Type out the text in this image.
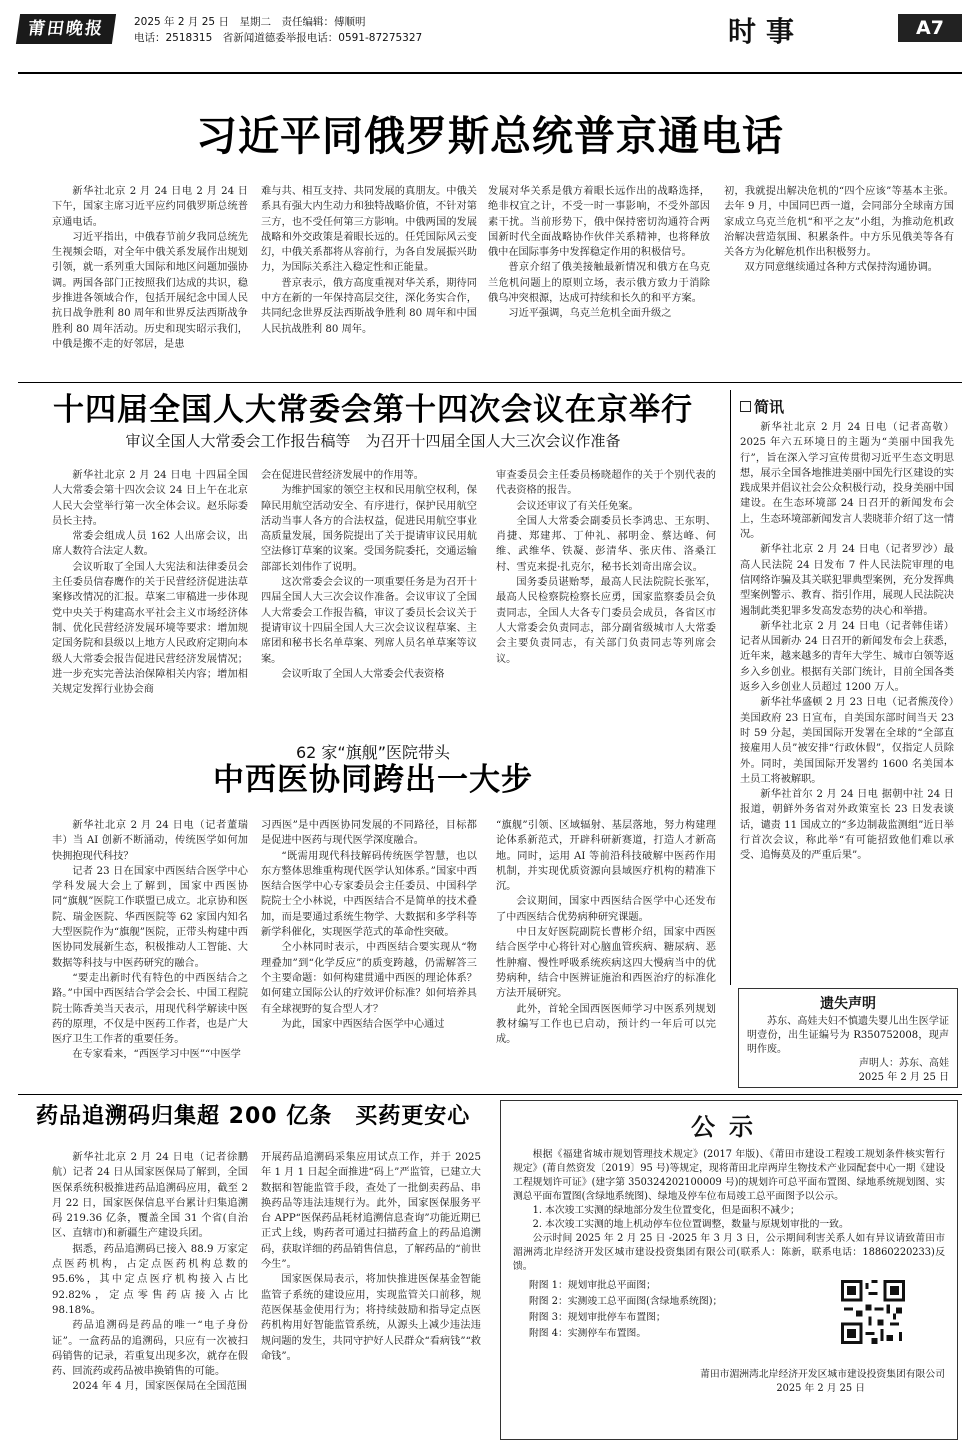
莆田晚报	2025 年 2 月 25 日　星期二　责任编辑：傅顺明
电话：2518315　省新闻道德委举报电话：0591-87275327	时事	A7
习近平同俄罗斯总统普京通电话

新华社北京 2 月 24 日电 2 月 24 日下午，国家主席习近平应约同俄罗斯总统普京通电话。

习近平指出，中俄春节前夕我同总统先生视频会晤，对全年中俄关系发展作出规划引领，就一系列重大国际和地区问题加强协调。两国各部门正按照我们达成的共识，稳步推进各领域合作，包括开展纪念中国人民抗日战争胜利 80 周年和世界反法西斯战争胜利 80 周年活动。历史和现实昭示我们，中俄是搬不走的好邻居，是患

难与共、相互支持、共同发展的真朋友。中俄关系具有强大内生动力和独特战略价值，不针对第三方，也不受任何第三方影响。中俄两国的发展战略和外交政策是着眼长远的。任凭国际风云变幻，中俄关系都将从容前行，为各自发展振兴助力，为国际关系注入稳定性和正能量。

普京表示，俄方高度重视对华关系，期待同中方在新的一年保持高层交往，深化务实合作，共同纪念世界反法西斯战争胜利 80 周年和中国人民抗战胜利 80 周年。

发展对华关系是俄方着眼长远作出的战略选择，绝非权宜之计，不受一时一事影响，不受外部因素干扰。当前形势下，俄中保持密切沟通符合两国新时代全面战略协作伙伴关系精神，也将释放俄中在国际事务中发挥稳定作用的积极信号。

普京介绍了俄美接触最新情况和俄方在乌克兰危机问题上的原则立场，表示俄方致力于消除俄乌冲突根源，达成可持续和长久的和平方案。

习近平强调，乌克兰危机全面升级之

初，我就提出解决危机的“四个应该”等基本主张。去年 9 月，中国同巴西一道，会同部分全球南方国家成立乌克兰危机“和平之友”小组，为推动危机政治解决营造氛围、积累条件。中方乐见俄美等各有关各方为化解危机作出积极努力。

双方同意继续通过各种方式保持沟通协调。

十四届全国人大常委会第十四次会议在京举行
审议全国人大常委会工作报告稿等　为召开十四届全国人大三次会议作准备

新华社北京 2 月 24 日电 十四届全国人大常委会第十四次会议 24 日上午在北京人民大会堂举行第一次全体会议。赵乐际委员长主持。

常委会组成人员 162 人出席会议，出席人数符合法定人数。

会议听取了全国人大宪法和法律委员会主任委员信春鹰作的关于民营经济促进法草案修改情况的汇报。草案二审稿进一步体现党中央关于构建高水平社会主义市场经济体制、优化民营经济发展环境等要求：增加规定国务院和县级以上地方人民政府定期向本级人大常委会报告促进民营经济发展情况；进一步充实完善法治保障相关内容；增加相关规定发挥行业协会商

会在促进民营经济发展中的作用等。

为维护国家的领空主权和民用航空权利，保障民用航空活动安全、有序进行，保护民用航空活动当事人各方的合法权益，促进民用航空事业高质量发展，国务院提出了关于提请审议民用航空法修订草案的议案。受国务院委托，交通运输部部长刘伟作了说明。

这次常委会会议的一项重要任务是为召开十四届全国人大三次会议作准备。会议审议了全国人大常委会工作报告稿，审议了委员长会议关于提请审议十四届全国人大三次会议议程草案、主席团和秘书长名单草案、列席人员名单草案等议案。

会议听取了全国人大常委会代表资格

审查委员会主任委员杨晓超作的关于个别代表的代表资格的报告。

会议还审议了有关任免案。

全国人大常委会副委员长李鸿忠、王东明、肖捷、郑建邦、丁仲礼、郝明金、蔡达峰、何维、武维华、铁凝、彭清华、张庆伟、洛桑江村、雪克来提·扎克尔，秘书长刘奇出席会议。

国务委员谌贻琴，最高人民法院院长张军，最高人民检察院检察长应勇，国家监察委员会负责同志，全国人大各专门委员会成员，各省区市人大常委会负责同志，部分副省级城市人大常委会主要负责同志，有关部门负责同志等列席会议。

简讯

新华社北京 2 月 24 日电（记者高敬）2025 年六五环境日的主题为“美丽中国我先行”，旨在深入学习宣传贯彻习近平生态文明思想，展示全国各地推进美丽中国先行区建设的实践成果并倡议社会公众积极行动，投身美丽中国建设。在生态环境部 24 日召开的新闻发布会上，生态环境部新闻发言人裴晓菲介绍了这一情况。

新华社北京 2 月 24 日电（记者罗沙）最高人民法院 24 日发布 7 件人民法院审理的电信网络诈骗及其关联犯罪典型案例，充分发挥典型案例警示、教育、指引作用，展现人民法院决遏制此类犯罪多发高发态势的决心和举措。

新华社北京 2 月 24 日电（记者韩佳诺）记者从国新办 24 日召开的新闻发布会上获悉，近年来，越来越多的青年大学生、城市白领等返乡入乡创业。根据有关部门统计，目前全国各类返乡入乡创业人员超过 1200 万人。

新华社华盛顿 2 月 23 日电（记者熊茂伶）美国政府 23 日宣布，自美国东部时间当天 23 时 59 分起，美国国际开发署在全球的“全部直接雇用人员”被安排“行政休假”，仅指定人员除外。同时，美国国际开发署约 1600 名美国本土员工将被解职。

新华社首尔 2 月 24 日电 据朝中社 24 日报道，朝鲜外务省对外政策室长 23 日发表谈话，谴责 11 国成立的“多边制裁监测组”近日举行首次会议，称此举“有可能招致他们难以承受、追悔莫及的严重后果”。

62 家“旗舰”医院带头
中西医协同跨出一大步

新华社北京 2 月 24 日电（记者董瑞丰）当 AI 创新不断涌动，传统医学如何加快拥抱现代科技？

记者 23 日在国家中西医结合医学中心学科发展大会上了解到，国家中西医协同“旗舰”医院工作联盟已成立。北京协和医院、瑞金医院、华西医院等 62 家国内知名大型医院作为“旗舰”医院，正带头构建中西医协同发展新生态，积极推动人工智能、大数据等科技与中医药研究的融合。

“要走出新时代有特色的中西医结合之路。”中国中西医结合学会会长、中国工程院院士陈香美当天表示，用现代科学解读中医药的原理，不仅是中医药工作者，也是广大医疗卫生工作者的重要任务。

在专家看来，“西医学习中医”“中医学

习西医”是中西医协同发展的不同路径，目标都是促进中医药与现代医学深度融合。

“既需用现代科技解码传统医学智慧，也以东方整体思维重构现代医学认知体系。”国家中西医结合医学中心专家委员会主任委员、中国科学院院士仝小林说，中西医结合不是简单的技术叠加，而是要通过系统生物学、大数据和多学科等新学科催化，实现医学范式的革命性突破。

仝小林同时表示，中西医结合要实现从“物理叠加”到“化学反应”的质变跨越，仍需解答三个主要命题：如何构建贯通中西医的理论体系？如何建立国际公认的疗效评价标准？如何培养具有全球视野的复合型人才？

为此，国家中西医结合医学中心通过

“旗舰”引领、区域辐射、基层落地，努力构建理论体系新范式，开辟科研新赛道，打造人才新高地。同时，运用 AI 等前沿科技破解中医药作用机制，并实现优质资源向县域医疗机构的精准下沉。

会议期间，国家中西医结合医学中心还发布了中西医结合优势病种研究课题。

中日友好医院副院长曹彬介绍，国家中西医结合医学中心将针对心脑血管疾病、糖尿病、恶性肿瘤、慢性呼吸系统疾病这四大慢病当中的优势病种，结合中医辨证施治和西医治疗的标准化方法开展研究。

此外，首轮全国西医医师学习中医系列规划教材编写工作也已启动，预计约一年后可以完成。

遗失声明
苏东、高娃夫妇不慎遗失婴儿出生医学证明壹份，出生证编号为 R350752008，现声明作废。
声明人：苏东、高娃
2025 年 2 月 25 日
药品追溯码归集超 200 亿条　买药更安心

新华社北京 2 月 24 日电（记者徐鹏航）记者 24 日从国家医保局了解到，全国医保系统积极推进药品追溯码应用，截至 2 月 22 日，国家医保信息平台累计归集追溯码 219.36 亿条，覆盖全国 31 个省(自治区、直辖市)和新疆生产建设兵团。

据悉，药品追溯码已接入 88.9 万家定点医药机构，占定点医药机构总数的 95.6%，其中定点医疗机构接入占比 92.82%，定点零售药店接入占比 98.18%。

药品追溯码是药品的唯一“电子身份证”。一盒药品的追溯码，只应有一次被扫码销售的记录，若重复出现多次，就存在假药、回流药或药品被串换销售的可能。

2024 年 4 月，国家医保局在全国范围

开展药品追溯码采集应用试点工作，并于 2025 年 1 月 1 日起全面推进“码上”严监管，已建立大数据和智能监管手段，查处了一批倒卖药品、串换药品等违法违规行为。此外，国家医保服务平台 APP“医保药品耗材追溯信息查询”功能近期已正式上线，购药者可通过扫描药盒上的药品追溯码，获取详细的药品销售信息，了解药品的“前世今生”。

国家医保局表示，将加快推进医保基金智能监管子系统的建设应用，实现监管关口前移，规范医保基金使用行为；将持续鼓励和指导定点医药机构用好智能监管系统，从源头上减少违法违规问题的发生，共同守护好人民群众“看病钱”“救命钱”。

公示
根据《福建省城市规划管理技术规定》(2017 年版)、《莆田市建设工程竣工规划条件核实暂行规定》(莆自然资发〔2019〕95 号)等规定，现将莆田北岸两岸生物技术产业园配套中心一期《建设工程规划许可证》(建字第 350324202100009 号)的规划许可总平面布置图、绿地系统规划图、实测总平面布置图(含绿地系统图)、绿地及停车位布局竣工总平面图予以公示。
1. 本次竣工实测的绿地部分发生位置变化，但是面积不减少；
2. 本次竣工实测的地上机动停车位位置调整，数量与原规划审批的一致。
公示时间 2025 年 2 月 25 日 -2025 年 3 月 3 日，公示期间利害关系人如有异议请致莆田市湄洲湾北岸经济开发区城市建设投资集团有限公司(联系人：陈新，联系电话：18860220233)反馈。
附图 1：规划审批总平面图；
附图 2：实测竣工总平面图(含绿地系统图)；
附图 3：规划审批停车布置图；
附图 4：实测停车布置图。
莆田市湄洲湾北岸经济开发区城市建设投资集团有限公司
2025 年 2 月 25 日
